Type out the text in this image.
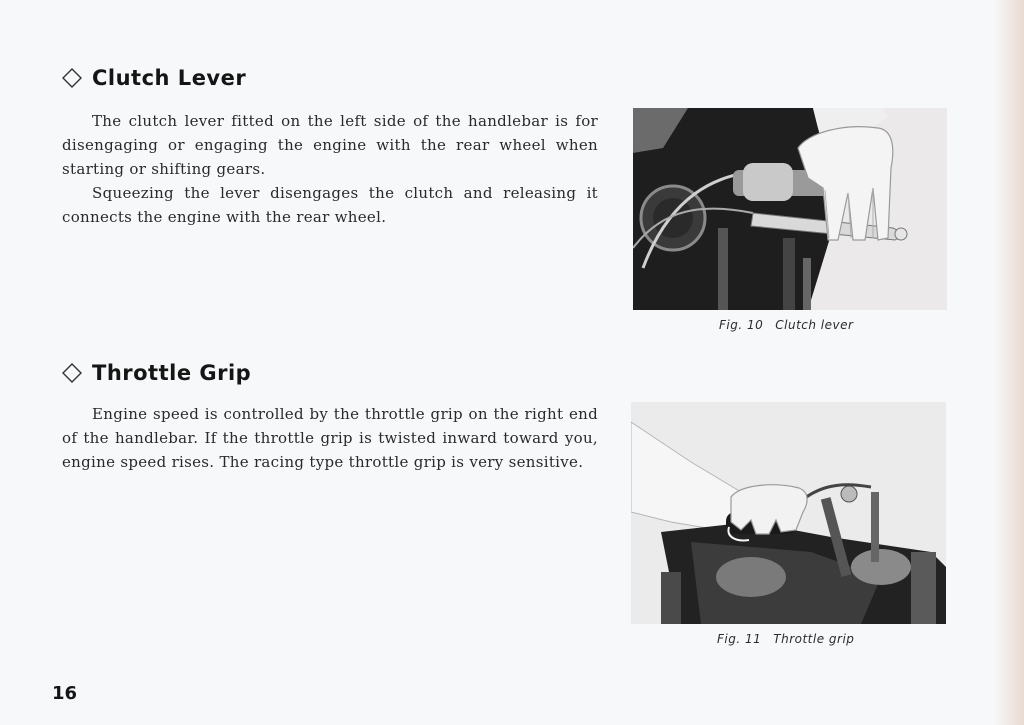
Clutch Lever

The clutch lever fitted on the left side of the handlebar is for disengaging or engaging the engine with the rear wheel when starting or shifting gears.

Squeezing the lever disengages the clutch and releasing it connects the engine with the rear wheel.

Fig. 10 Clutch lever
Throttle Grip

Engine speed is controlled by the throttle grip on the right end of the handlebar. If the throttle grip is twisted inward toward you, engine speed rises. The racing type throttle grip is very sensitive.

Fig. 11 Throttle grip
16
